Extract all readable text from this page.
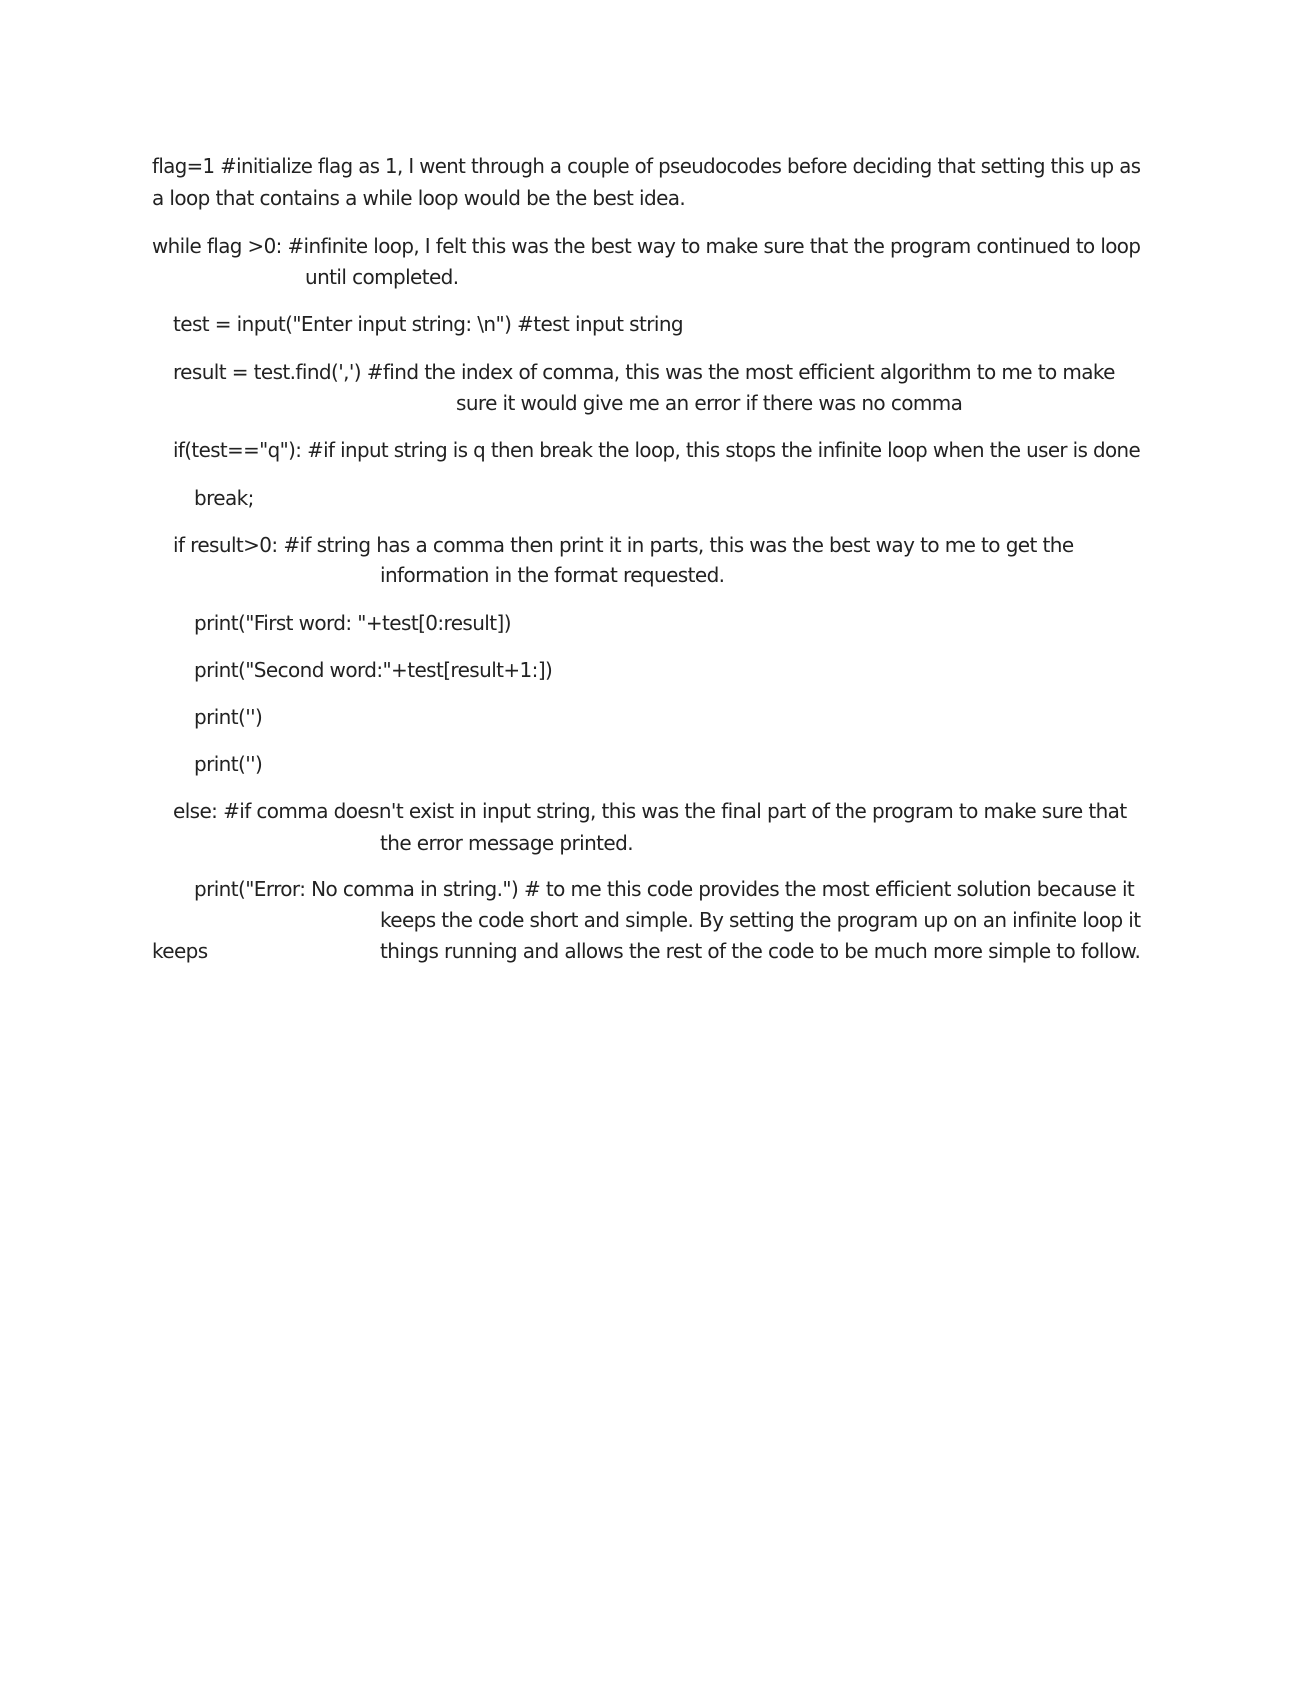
flag=1 #initialize flag as 1, I went through a couple of pseudocodes before deciding that setting this up as
a loop that contains a while loop would be the best idea.
while flag >0: #infinite loop, I felt this was the best way to make sure that the program continued to loop
until completed.
test = input("Enter input string: \n") #test input string
result = test.find(',') #find the index of comma, this was the most efficient algorithm to me to make
sure it would give me an error if there was no comma
if(test=="q"): #if input string is q then break the loop, this stops the infinite loop when the user is done
break;
if result>0: #if string has a comma then print it in parts, this was the best way to me to get the
information in the format requested.
print("First word: "+test[0:result])
print("Second word:"+test[result+1:])
print('')
print('')
else: #if comma doesn't exist in input string, this was the final part of the program to make sure that
the error message printed.
print("Error: No comma in string.") # to me this code provides the most efficient solution because it
keeps the code short and simple. By setting the program up on an infinite loop it
keeps	things running and allows the rest of the code to be much more simple to follow.
